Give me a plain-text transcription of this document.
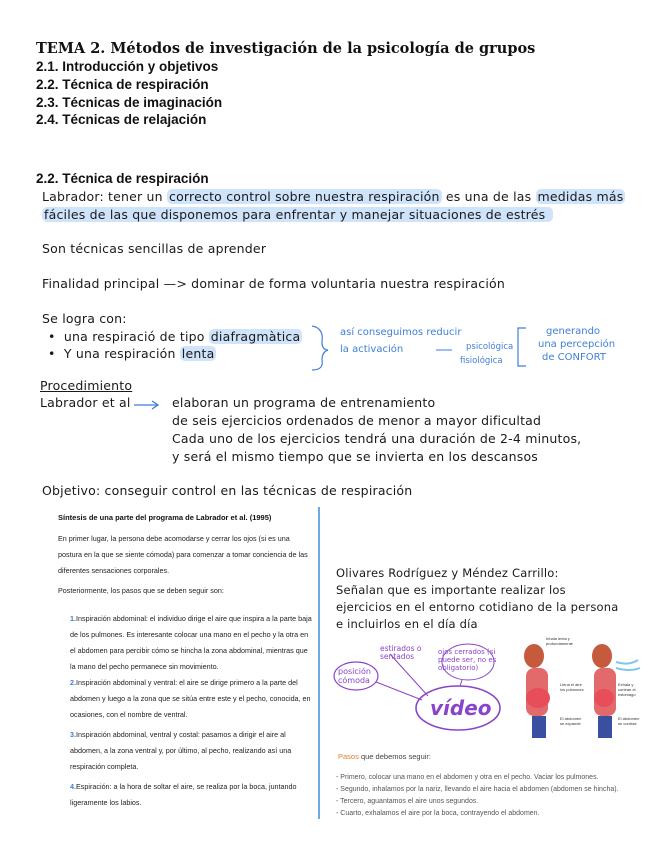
TEMA 2. Métodos de investigación de la psicología de grupos
2.1. Introducción y objetivos
2.2. Técnica de respiración
2.3. Técnicas de imaginación
2.4. Técnicas de relajación
2.2. Técnica de respiración
Labrador: tener un correcto control sobre nuestra respiración es una de las medidas más
fáciles de las que disponemos para enfrentar y manejar situaciones de estrés
Son técnicas sencillas de aprender
Finalidad principal —> dominar de forma voluntaria nuestra respiración
Se logra con:
•  una respiració de tipo diafragmàtica
•  Y una respiración lenta
así conseguimos reducir
la activación	psicológica
fisiológica
generando
una percepción
de CONFORT
Procedimiento
Labrador et al	elaboran un programa de entrenamiento
de seis ejercicios ordenados de menor a mayor dificultad
Cada uno de los ejercicios tendrá una duración de 2-4 minutos,
y será el mismo tiempo que se invierta en los descansos
Objetivo: conseguir control en las técnicas de respiración
Síntesis de una parte del programa de Labrador et al. (1995)
En primer lugar, la persona debe acomodarse y cerrar los ojos (si es una postura en la que se siente cómoda) para comenzar a tomar conciencia de las diferentes sensaciones corporales.
Posteriormente, los pasos que se deben seguir son:
1.Inspiración abdominal: el individuo dirige el aire que inspira a la parte baja de los pulmones. Es interesante colocar una mano en el pecho y la otra en el abdomen para percibir cómo se hincha la zona abdominal, mientras que la mano del pecho permanece sin movimiento.
2.Inspiración abdominal y ventral: el aire se dirige primero a la parte del abdomen y luego a la zona que se sitúa entre este y el pecho, conocida, en ocasiones, con el nombre de ventral.
3.Inspiración abdominal, ventral y costal: pasamos a dirigir el aire al abdomen, a la zona ventral y, por último, al pecho, realizando así una respiración completa.
4.Espiración: a la hora de soltar el aire, se realiza por la boca, juntando ligeramente los labios.
Olivares Rodríguez y Méndez Carrillo:
Señalan que es importante realizar los
ejercicios en el entorno cotidiano de la persona
e incluirlos en el día día
posición cómoda
estirados o sentados	ojos cerrados (si puede ser, no es obligatorio)
vídeo
Inhala lenta y profundamente
Llena el aire los pulmones
El abdomen se expande
Exhala y contrae el estómago
El abdomen se contrae
Pasos que debemos seguir:
- Primero, colocar una mano en el abdomen y otra en el pecho. Vaciar los pulmones.
- Segundo, inhalamos por la nariz, llevando el aire hacia el abdomen (abdomen se hincha).
- Tercero, aguantamos el aire unos segundos.
- Cuarto, exhalamos el aire por la boca, contrayendo el abdomen.
